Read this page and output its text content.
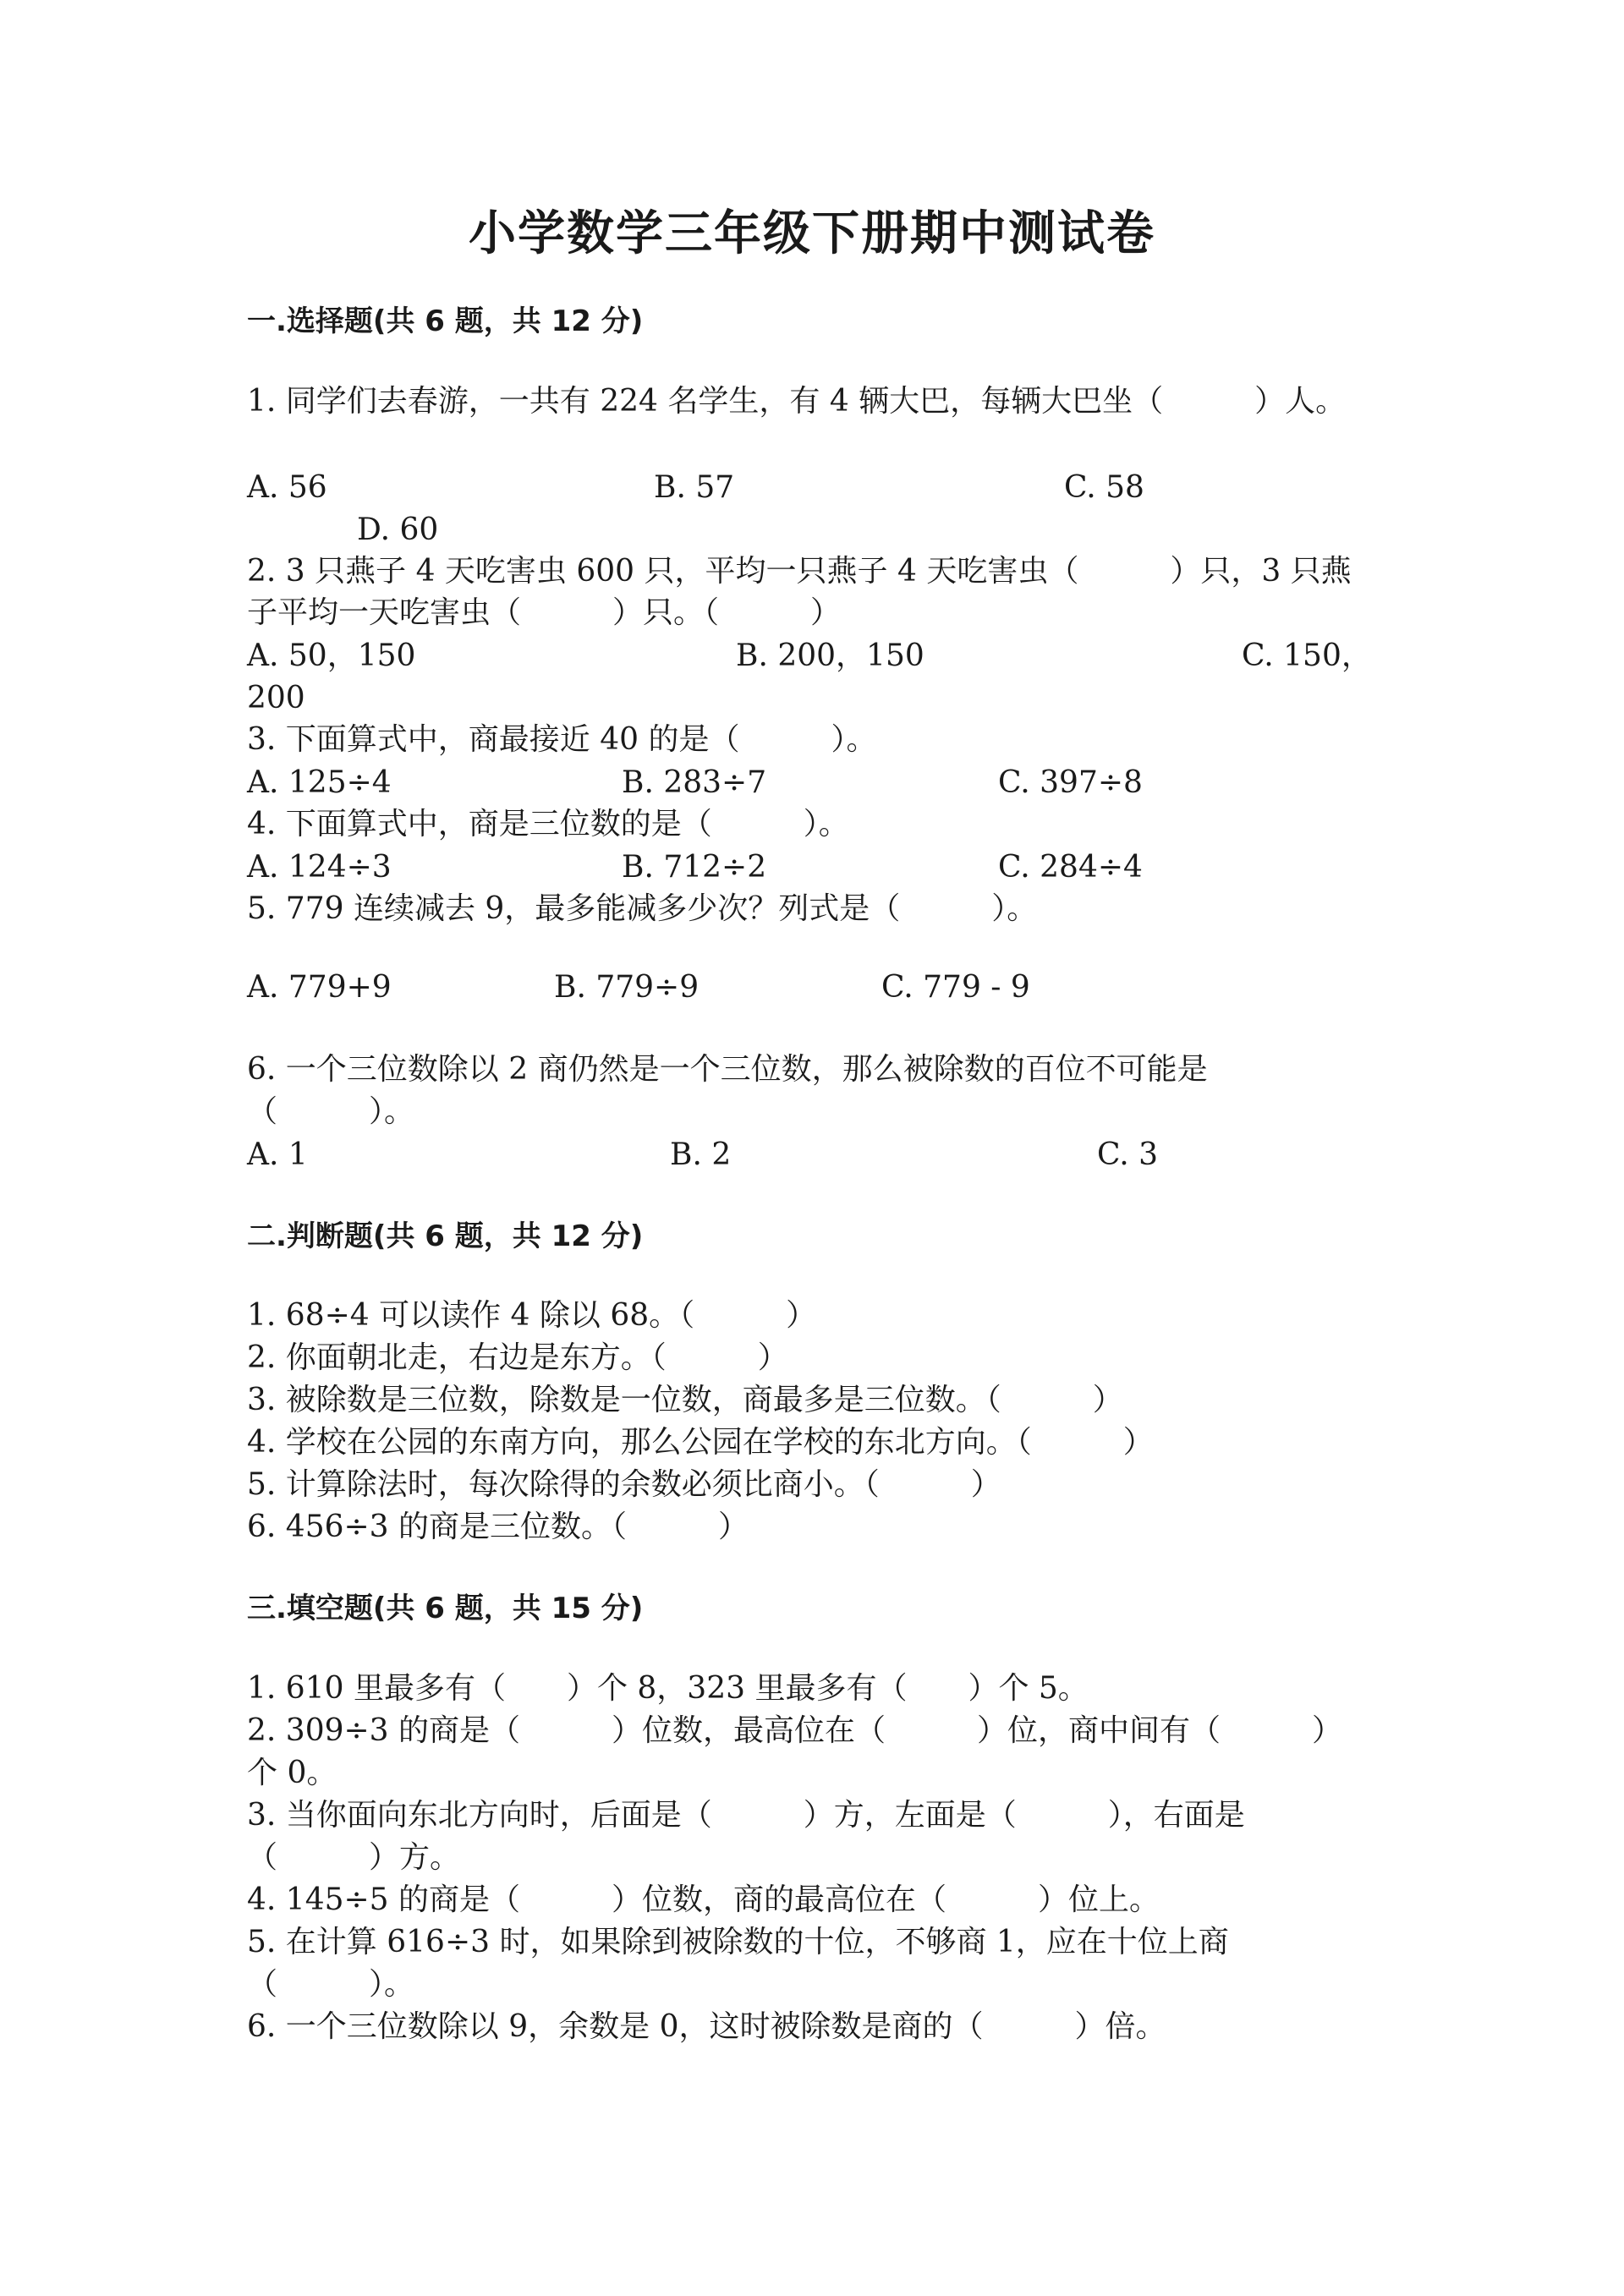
小学数学三年级下册期中测试卷
一.选择题(共 6 题，共 12 分)
1. 同学们去春游，一共有 224 名学生，有 4 辆大巴，每辆大巴坐（　　　）人。
A. 56	B. 57	C. 58
D. 60
2. 3 只燕子 4 天吃害虫 600 只，平均一只燕子 4 天吃害虫（　　　）只，3 只燕
子平均一天吃害虫（　　　）只。（　　　）
A. 50，150	B. 200，150	C. 150，
200
3. 下面算式中，商最接近 40 的是（　　　）。
A. 125÷4	B. 283÷7	C. 397÷8
4. 下面算式中，商是三位数的是（　　　）。
A. 124÷3	B. 712÷2	C. 284÷4
5. 779 连续减去 9，最多能减多少次？列式是（　　　）。
A. 779+9	B. 779÷9	C. 779 - 9
6. 一个三位数除以 2 商仍然是一个三位数，那么被除数的百位不可能是
（　　　）。
A. 1	B. 2	C. 3
二.判断题(共 6 题，共 12 分)
1. 68÷4 可以读作 4 除以 68。（　　　）
2. 你面朝北走，右边是东方。（　　　）
3. 被除数是三位数，除数是一位数，商最多是三位数。（　　　）
4. 学校在公园的东南方向，那么公园在学校的东北方向。（　　　）
5. 计算除法时，每次除得的余数必须比商小。（　　　）
6. 456÷3 的商是三位数。（　　　）
三.填空题(共 6 题，共 15 分)
1. 610 里最多有（　　）个 8，323 里最多有（　　）个 5。
2. 309÷3 的商是（　　　）位数，最高位在（　　　）位，商中间有（　　　）
个 0。
3. 当你面向东北方向时，后面是（　　　）方，左面是（　　　），右面是
（　　　）方。
4. 145÷5 的商是（　　　）位数，商的最高位在（　　　）位上。
5. 在计算 616÷3 时，如果除到被除数的十位，不够商 1，应在十位上商
（　　　）。
6. 一个三位数除以 9，余数是 0，这时被除数是商的（　　　）倍。
